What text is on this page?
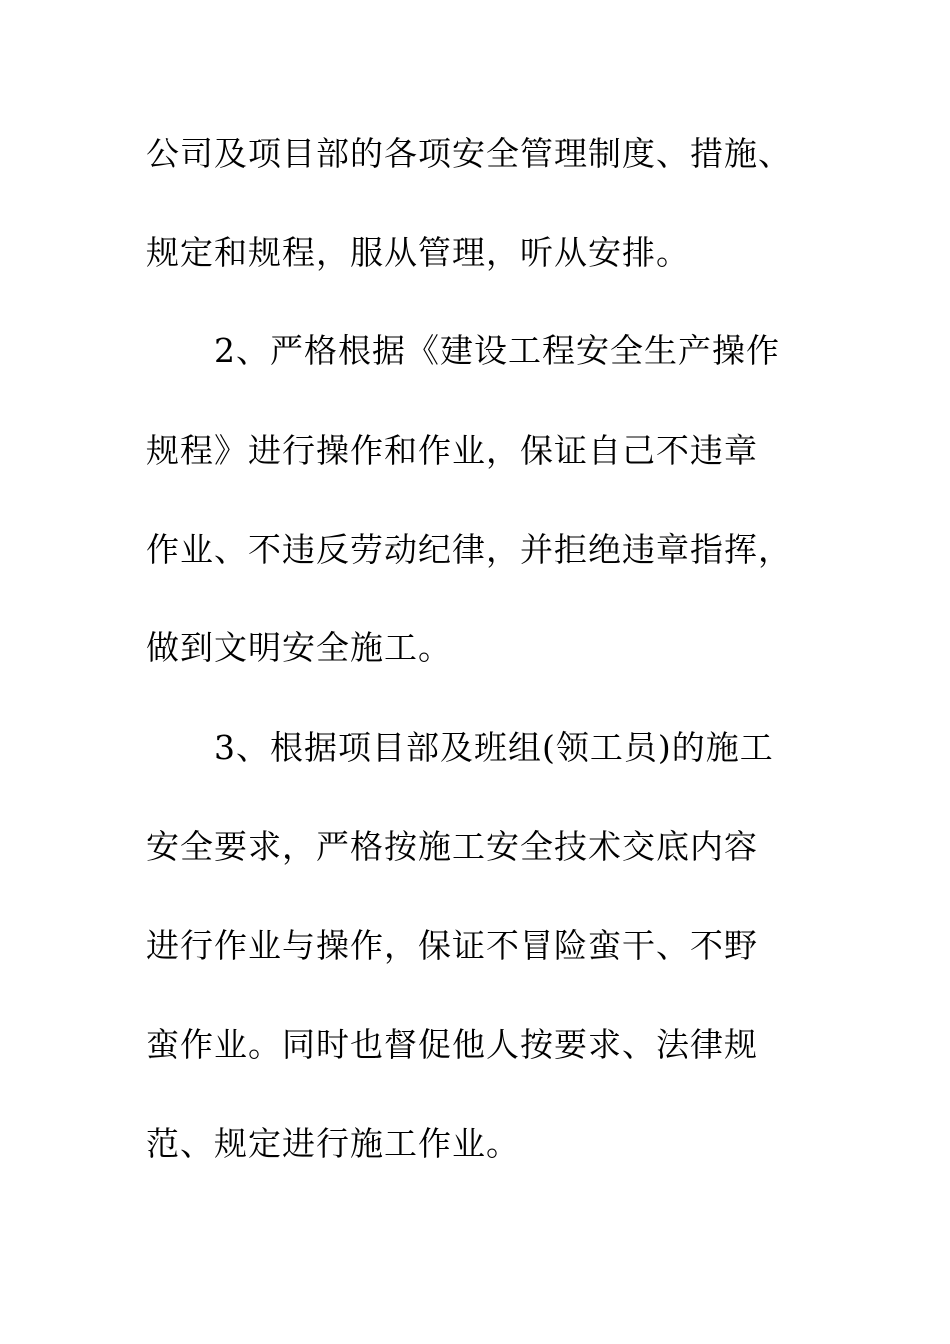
公司及项目部的各项安全管理制度、措施、
规定和规程，服从管理，听从安排。
2、严格根据《建设工程安全生产操作
规程》进行操作和作业，保证自己不违章
作业、不违反劳动纪律，并拒绝违章指挥，
做到文明安全施工。
3、根据项目部及班组(领工员)的施工
安全要求，严格按施工安全技术交底内容
进行作业与操作，保证不冒险蛮干、不野
蛮作业。同时也督促他人按要求、法律规
范、规定进行施工作业。
